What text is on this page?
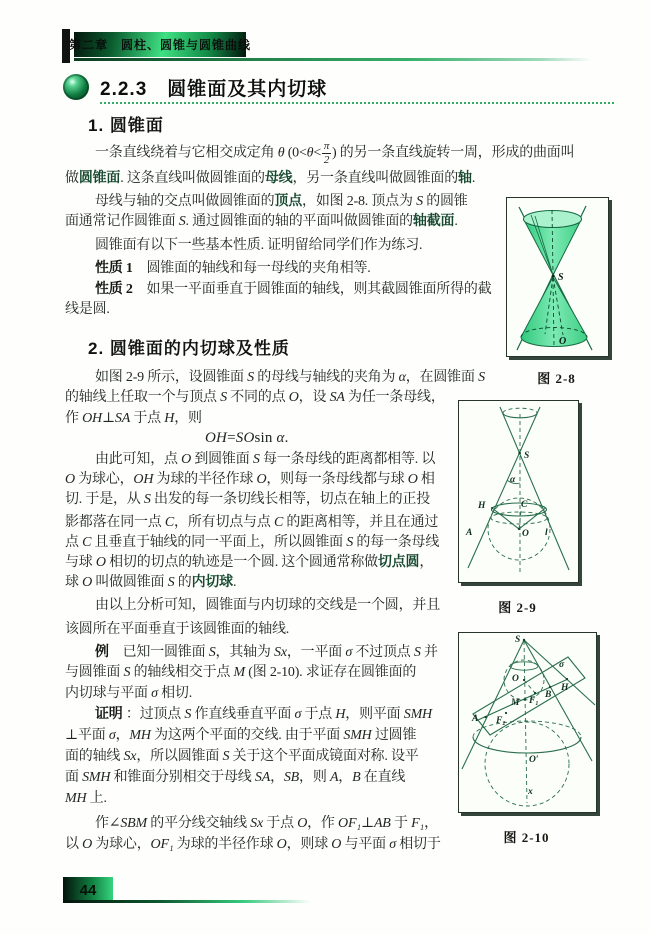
第二章　圆柱、圆锥与圆锥曲线
2.2.3　圆锥面及其内切球
1. 圆锥面
2. 圆锥面的内切球及性质
一条直线绕着与它相交成定角 θ ($0<\theta< \frac{\pi}{2}$ ) 的另一条直线旋转一周，形成的曲面叫
做圆锥面. 这条直线叫做圆锥面的母线，另一条直线叫做圆锥面的轴.
母线与轴的交点叫做圆锥面的顶点，如图 2-8. 顶点为 S 的圆锥
面通常记作圆锥面 S. 通过圆锥面的轴的平面叫做圆锥面的轴截面.
圆锥面有以下一些基本性质. 证明留给同学们作为练习.
性质 1　圆锥面的轴线和每一母线的夹角相等.
性质 2　如果一平面垂直于圆锥面的轴线，则其截圆锥面所得的截
线是圆.
如图 2-9 所示，设圆锥面 S 的母线与轴线的夹角为 α，在圆锥面 S
的轴线上任取一个与顶点 S 不同的点 O，设 SA 为任一条母线，
作 OH⊥SA 于点 H，则
OH=SOsin α.
由此可知，点 O 到圆锥面 S 每一条母线的距离都相等. 以
O 为球心，OH 为球的半径作球 O，则每一条母线都与球 O 相
切. 于是，从 S 出发的每一条切线长相等，切点在轴上的正投
影都落在同一点 C，所有切点与点 C 的距离相等，并且在通过
点 C 且垂直于轴线的同一平面上，所以圆锥面 S 的每一条母线
与球 O 相切的切点的轨迹是一个圆. 这个圆通常称做切点圆，
球 O 叫做圆锥面 S 的内切球.
由以上分析可知，圆锥面与内切球的交线是一个圆，并且
该圆所在平面垂直于该圆锥面的轴线.
例　已知一圆锥面 S，其轴为 Sx，一平面 σ 不过顶点 S 并
与圆锥面 S 的轴线相交于点 M (图 2-10). 求证存在圆锥面的
内切球与平面 σ 相切.
证明 ：过顶点 S 作直线垂直平面 σ 于点 H，则平面 SMH
⊥平面 σ，MH 为这两个平面的交线. 由于平面 SMH 过圆锥
面的轴线 Sx，所以圆锥面 S 关于这个平面成镜面对称. 设平
面 SMH 和锥面分别相交于母线 SA，SB，则 A，B 在直线
MH 上.
作∠SBM 的平分线交轴线 Sx 于点 O，作 OF₁⊥AB 于 F₁，
以 O 为球心，OF₁ 为球的半径作球 O，则球 O 与平面 σ 相切于
S
O
图 2-8
S
α
H	C
O
A	l
图 2-9
S
σ
O
H
M F₁
B
A F₂
O′
x
图 2-10
44
